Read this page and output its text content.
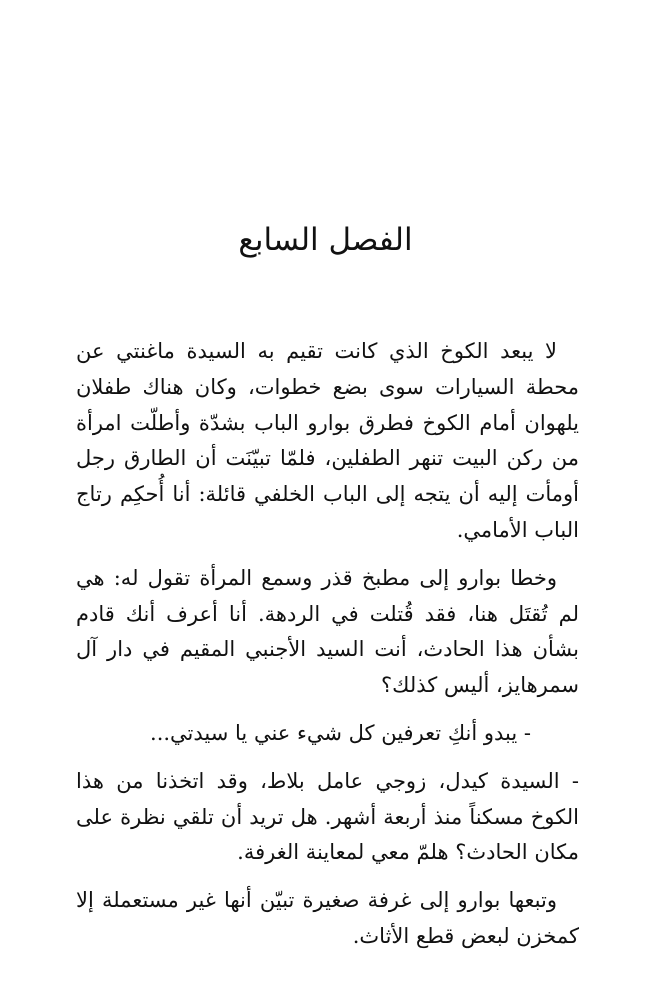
الفصل السابع

لا يبعد الكوخ الذي كانت تقيم به السيدة ماغنتي عن محطة السيارات سوى بضع خطوات، وكان هناك طفلان يلهوان أمام الكوخ فطرق بوارو الباب بشدّة وأطلّت امرأة من ركن البيت تنهر الطفلين، فلمّا تبيّنَت أن الطارق رجل أومأت إليه أن يتجه إلى الباب الخلفي قائلة: أنا أُحكِم رتاج الباب الأمامي.

وخطا بوارو إلى مطبخ قذر وسمع المرأة تقول له: هي لم تُقتَل هنا، فقد قُتلت في الردهة. أنا أعرف أنك قادم بشأن هذا الحادث، أنت السيد الأجنبي المقيم في دار آل سمرهايز، أليس كذلك؟

- يبدو أنكِ تعرفين كل شيء عني يا سيدتي...

- السيدة كيدل، زوجي عامل بلاط، وقد اتخذنا من هذا الكوخ مسكناً منذ أربعة أشهر. هل تريد أن تلقي نظرة على مكان الحادث؟ هلمّ معي لمعاينة الغرفة.

وتبعها بوارو إلى غرفة صغيرة تبيّن أنها غير مستعملة إلا كمخزن لبعض قطع الأثاث.
